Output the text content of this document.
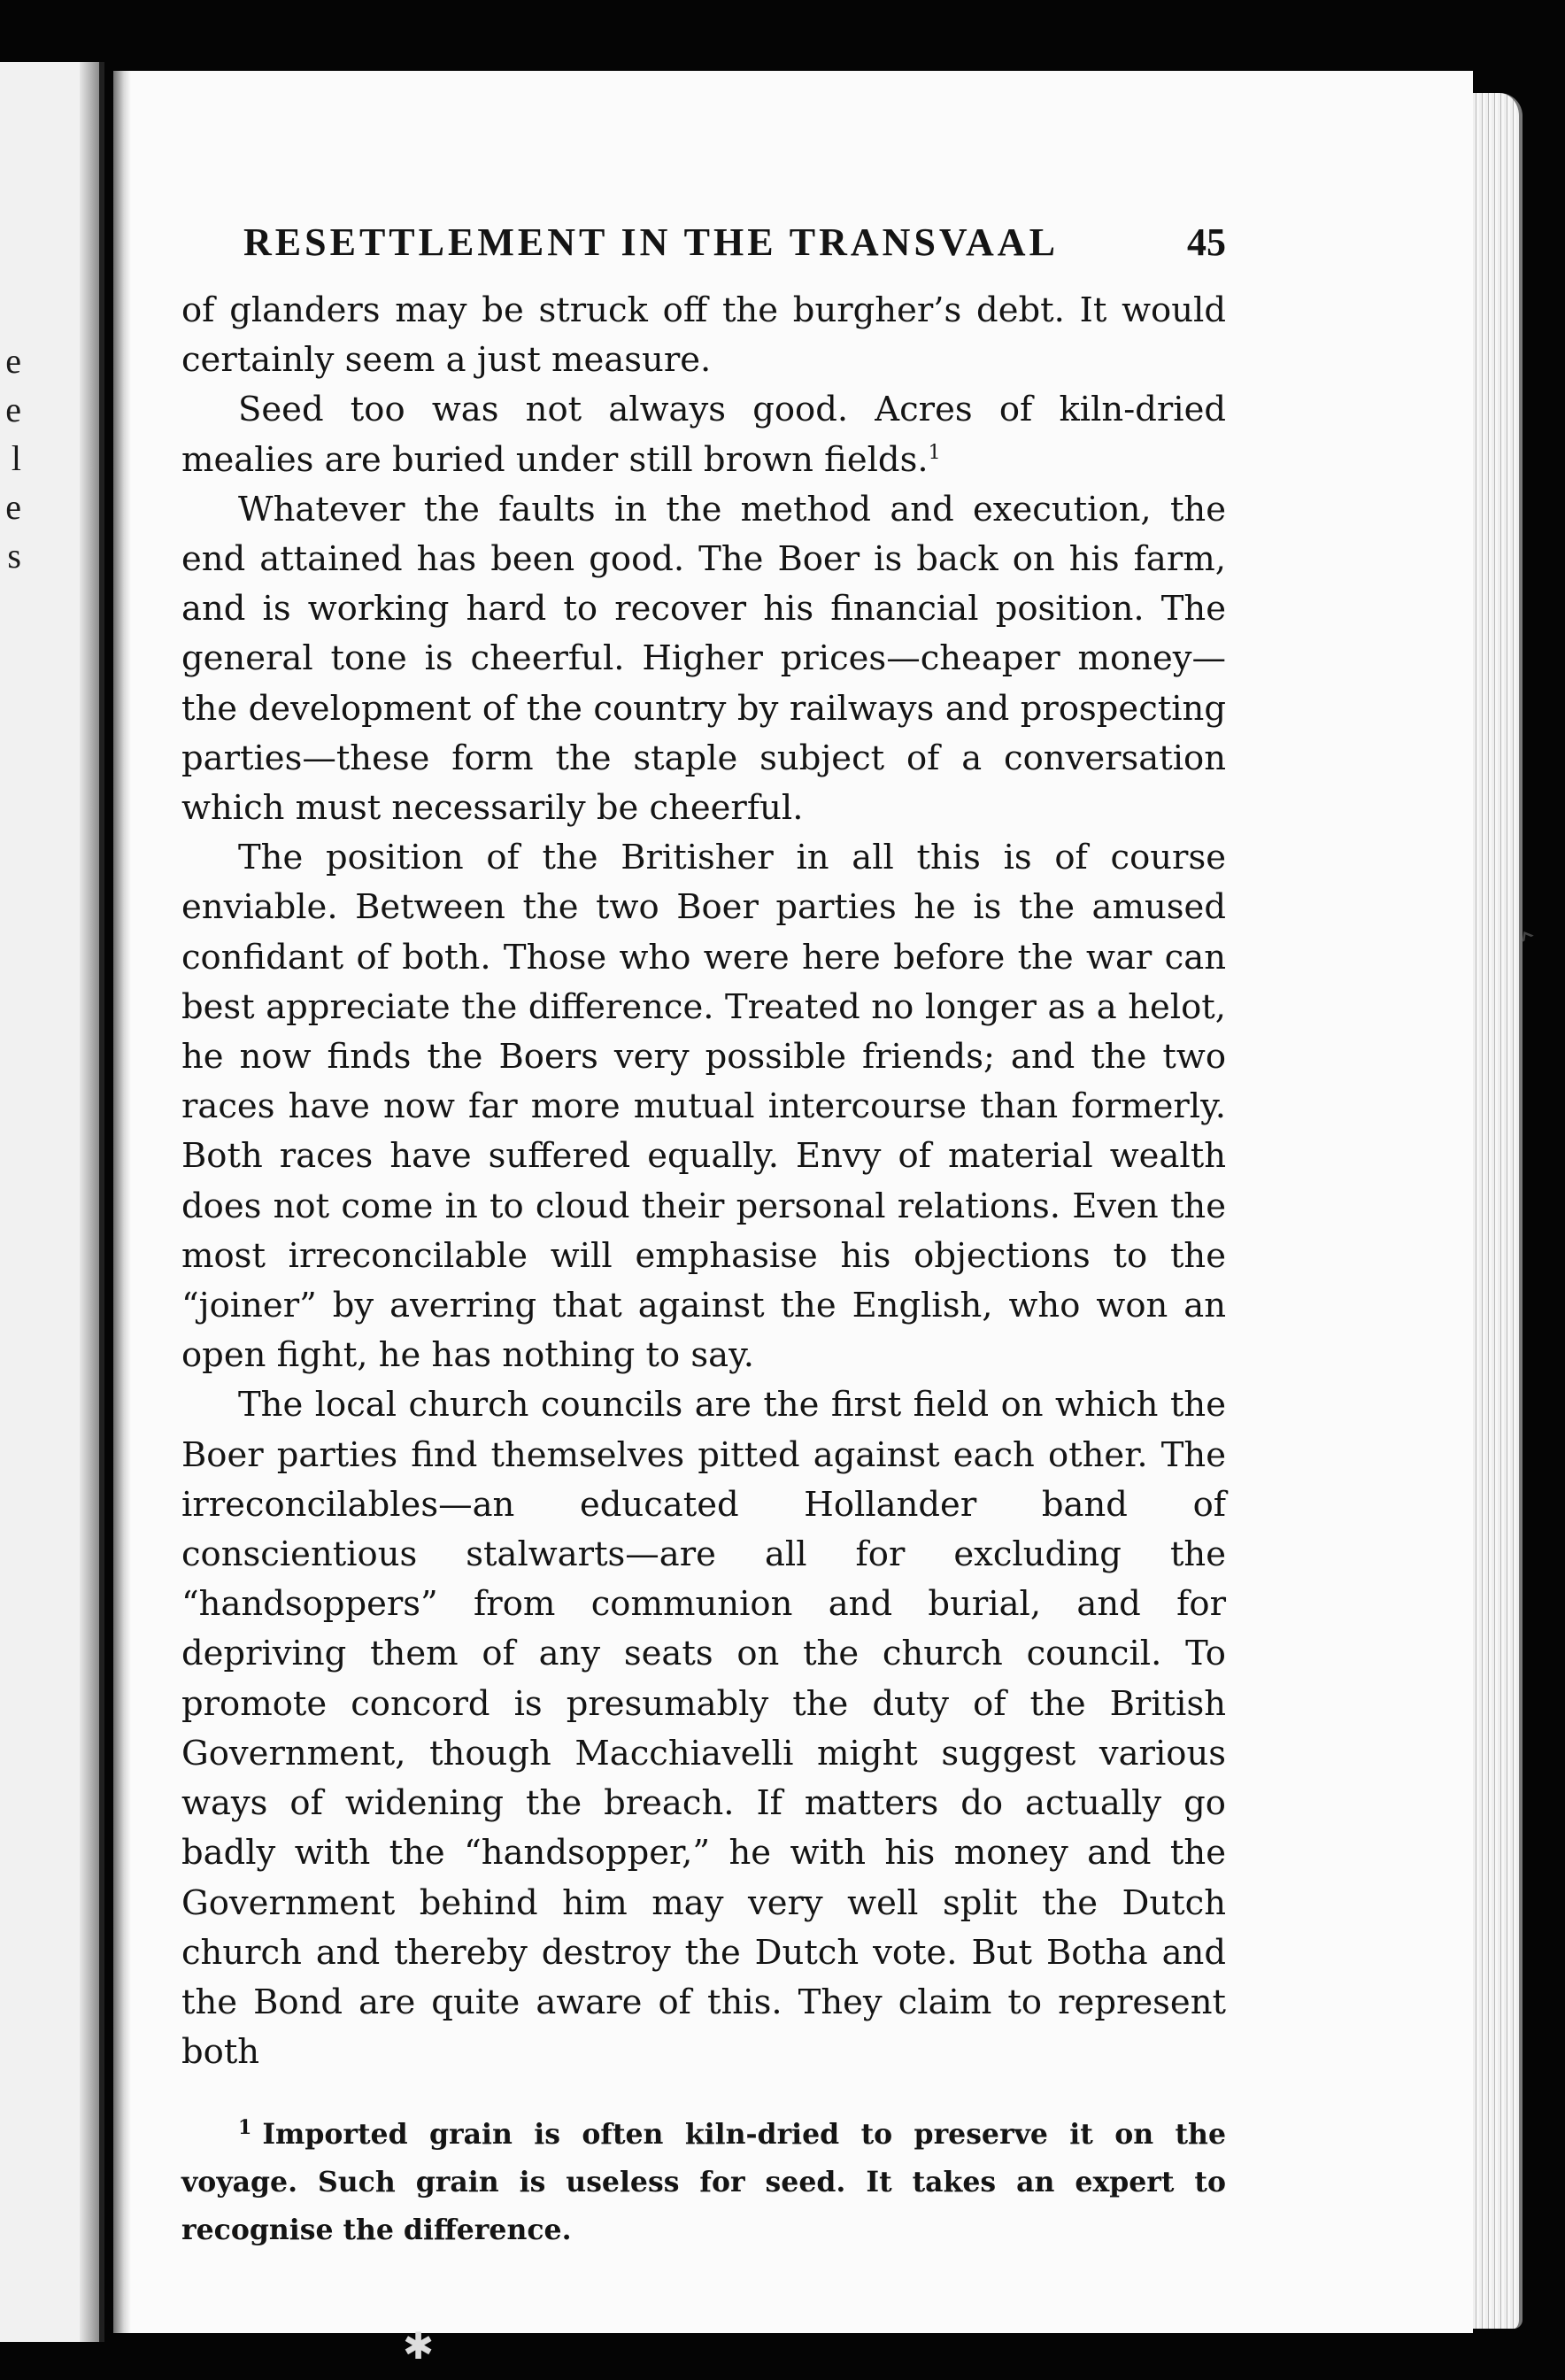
e
e
l
e
s
‸
✱
RESETTLEMENT IN THE TRANSVAAL	45

of glanders may be struck off the burgher’s debt. It would certainly seem a just measure.

Seed too was not always good. Acres of kiln-dried mealies are buried under still brown fields.$^1$

Whatever the faults in the method and execution, the end attained has been good. The Boer is back on his farm, and is working hard to recover his financial position. The general tone is cheerful. Higher prices—cheaper money—the development of the country by railways and prospecting parties—these form the staple subject of a conversation which must necessarily be cheerful.

The position of the Britisher in all this is of course enviable. Between the two Boer parties he is the amused confidant of both. Those who were here before the war can best appreciate the difference. Treated no longer as a helot, he now finds the Boers very possible friends; and the two races have now far more mutual intercourse than formerly. Both races have suffered equally. Envy of material wealth does not come in to cloud their personal relations. Even the most irreconcilable will emphasise his objections to the “joiner” by averring that against the English, who won an open fight, he has nothing to say.

The local church councils are the first field on which the Boer parties find themselves pitted against each other. The irreconcilables—an educated Hollander band of conscientious stalwarts—are all for excluding the “handsoppers” from communion and burial, and for depriving them of any seats on the church council. To promote concord is presumably the duty of the British Government, though Macchiavelli might suggest various ways of widening the breach. If matters do actually go badly with the “handsopper,” he with his money and the Government behind him may very well split the Dutch church and thereby destroy the Dutch vote. But Botha and the Bond are quite aware of this. They claim to represent both

$^1$ Imported grain is often kiln-dried to preserve it on the voyage. Such grain is useless for seed. It takes an expert to recognise the difference.
